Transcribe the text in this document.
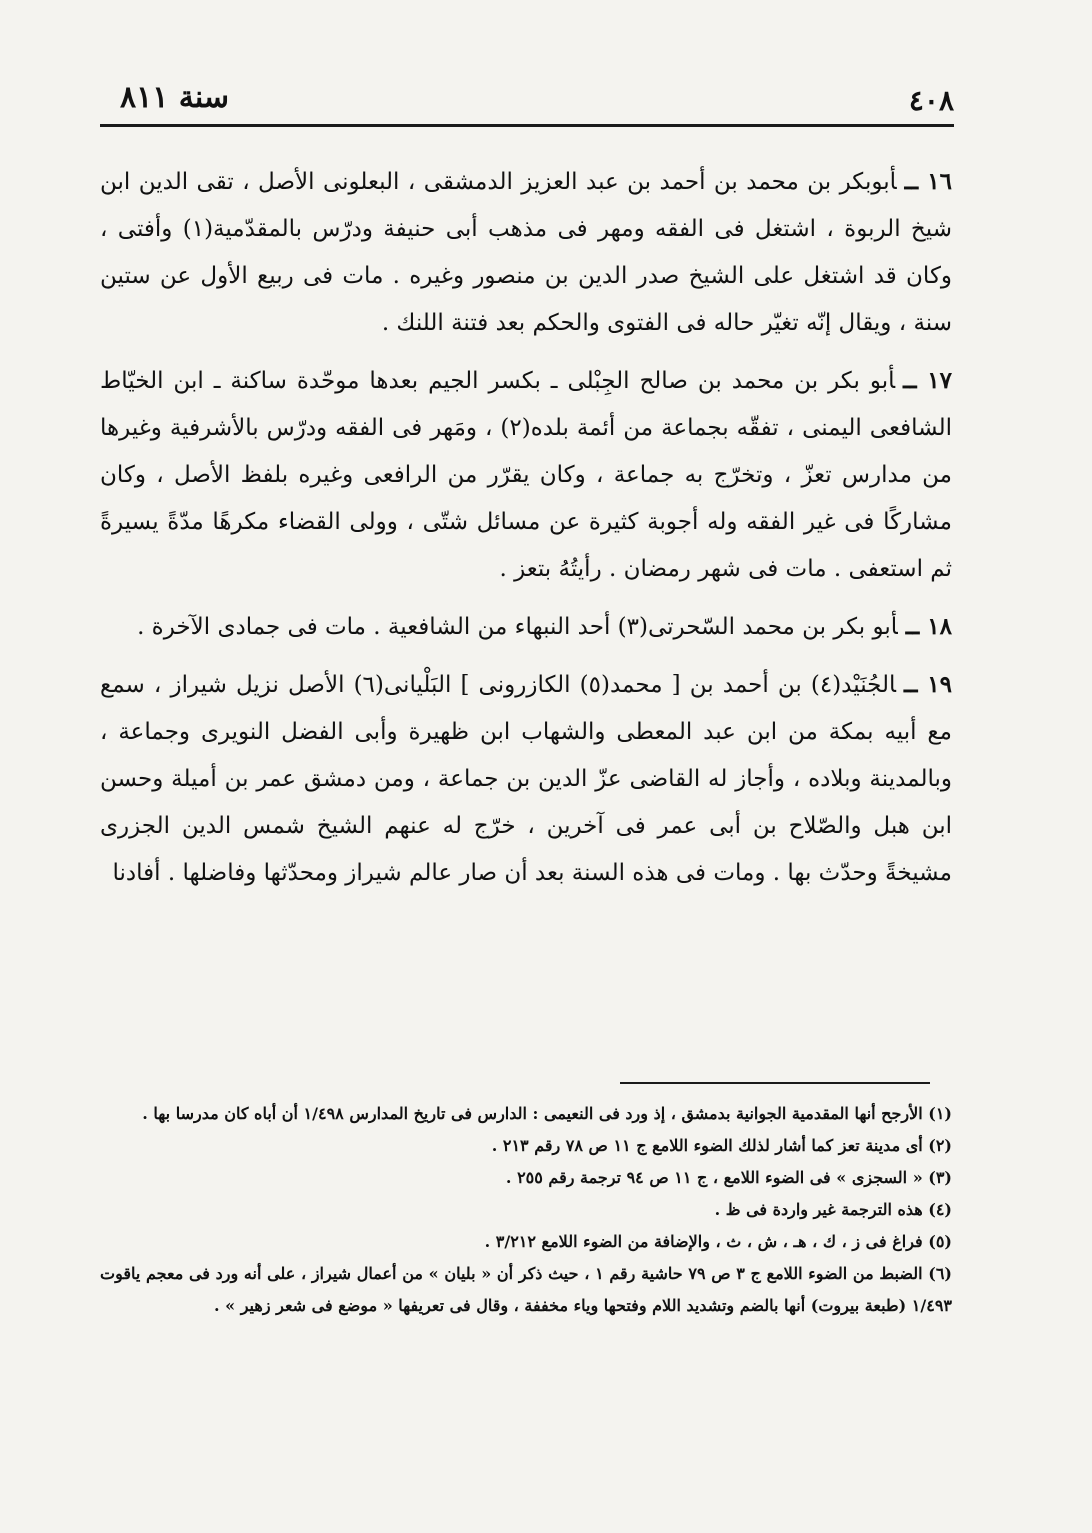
٤٠٨
سنة ٨١١

١٦ ــأبوبكر بن محمد بن أحمد بن عبد العزيز الدمشقى ، البعلونى الأصل ، تقى الدين ابن شيخ الربوة ، اشتغل فى الفقه ومهر فى مذهب أبى حنيفة ودرّس بالمقدّمية(١) وأفتى ، وكان قد اشتغل على الشيخ صدر الدين بن منصور وغيره . مات فى ربيع الأول عن ستين سنة ، ويقال إنّه تغيّر حاله فى الفتوى والحكم بعد فتنة اللنك .

١٧ ــأبو بكر بن محمد بن صالح الجِبْلى ـ بكسر الجيم بعدها موحّدة ساكنة ـ ابن الخيّاط الشافعى اليمنى ، تفقّه بجماعة من أئمة بلده(٢) ، ومَهر فى الفقه ودرّس بالأشرفية وغيرها من مدارس تعزّ ، وتخرّج به جماعة ، وكان يقرّر من الرافعى وغيره بلفظ الأصل ، وكان مشاركًا فى غير الفقه وله أجوبة كثيرة عن مسائل شتّى ، وولى القضاء مكرهًا مدّةً يسيرةً ثم استعفى . مات فى شهر رمضان . رأيتُهُ بتعز .

١٨ ــأبو بكر بن محمد السّحرتى(٣) أحد النبهاء من الشافعية . مات فى جمادى الآخرة .

١٩ ــالجُنَيْد(٤) بن أحمد بن [ محمد(٥) الكازرونى ] البَلْيانى(٦) الأصل نزيل شيراز ، سمع مع أبيه بمكة من ابن عبد المعطى والشهاب ابن ظهيرة وأبى الفضل النويرى وجماعة ، وبالمدينة وبلاده ، وأجاز له القاضى عزّ الدين بن جماعة ، ومن دمشق عمر بن أميلة وحسن ابن هبل والصّلاح بن أبى عمر فى آخرين ، خرّج له عنهم الشيخ شمس الدين الجزرى مشيخةً وحدّث بها . ومات فى هذه السنة بعد أن صار عالم شيراز ومحدّثها وفاضلها . أفادنا

(١) الأرجح أنها المقدمية الجوانية بدمشق ، إذ ورد فى النعيمى : الدارس فى تاريخ المدارس ١/٤٩٨ أن أباه كان مدرسا بها .

(٢) أى مدينة تعز كما أشار لذلك الضوء اللامع ج ١١ ص ٧٨ رقم ٢١٣ .

(٣) « السجزى » فى الضوء اللامع ، ج ١١ ص ٩٤ ترجمة رقم ٢٥٥ .

(٤) هذه الترجمة غير واردة فى ظ .

(٥) فراغ فى ز ، ك ، هـ ، ش ، ث ، والإضافة من الضوء اللامع ٣/٢١٢ .

(٦) الضبط من الضوء اللامع ج ٣ ص ٧٩ حاشية رقم ١ ، حيث ذكر أن « بليان » من أعمال شيراز ، على أنه ورد فى معجم ياقوت ١/٤٩٣ (طبعة بيروت) أنها بالضم وتشديد اللام وفتحها وياء مخففة ، وقال فى تعريفها « موضع فى شعر زهير » .
